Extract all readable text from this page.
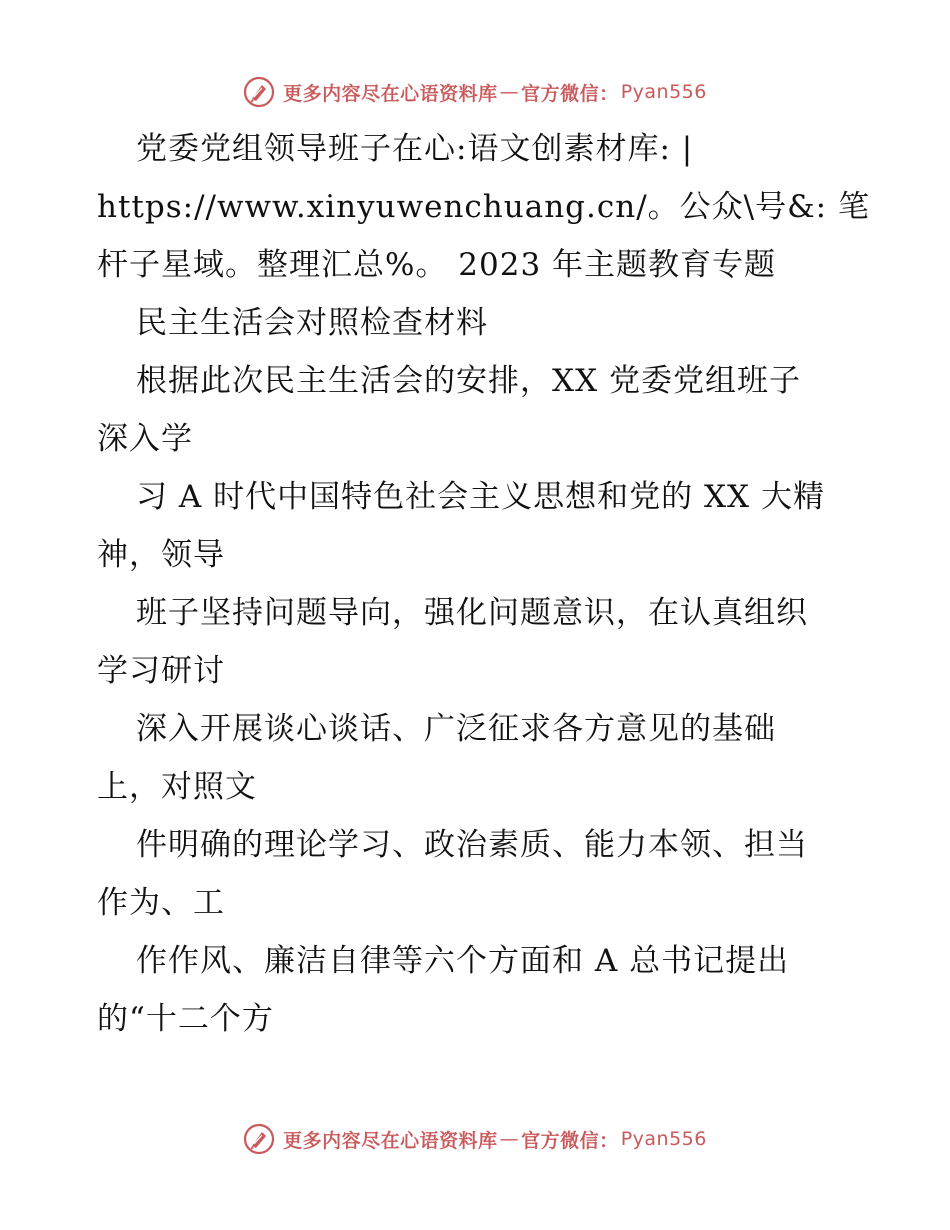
更多内容尽在心语资料库 — 官方微信： Pyan556
党委党组领导班子在心:语文创素材库: |
https://www.xinyuwenchuang.cn/。公众\号&: 笔
杆子星域。整理汇总%。 2023 年主题教育专题
民主生活会对照检查材料
根据此次民主生活会的安排，XX 党委党组班子
深入学
习 A 时代中国特色社会主义思想和党的 XX 大精
神，领导
班子坚持问题导向，强化问题意识，在认真组织
学习研讨
深入开展谈心谈话、广泛征求各方意见的基础
上，对照文
件明确的理论学习、政治素质、能力本领、担当
作为、工
作作风、廉洁自律等六个方面和 A 总书记提出
的“十二个方
更多内容尽在心语资料库 — 官方微信： Pyan556
